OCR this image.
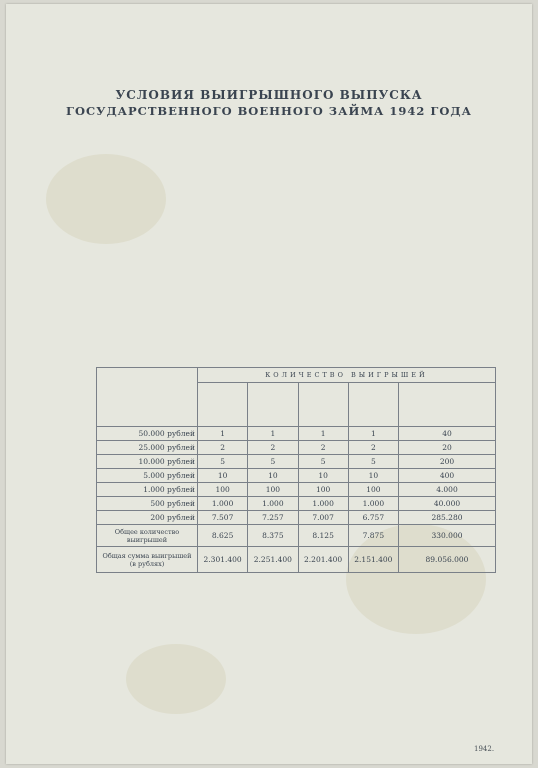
УСЛОВИЯ ВЫИГРЫШНОГО ВЫПУСКА
ГОСУДАРСТВЕННОГО ВОЕННОГО ЗАЙМА 1942 ГОДА
	КОЛИЧЕСТВО ВЫИГРЫШЕЙ				

50.000 рублей	1	1	1	1	40
25.000 рублей	2	2	2	2	20
10.000 рублей	5	5	5	5	200
5.000 рублей	10	10	10	10	400
1.000 рублей	100	100	100	100	4.000
500 рублей	1.000	1.000	1.000	1.000	40.000
200 рублей	7.507	7.257	7.007	6.757	285.280
Общее количество выигрышей	8.625	8.375	8.125	7.875	330.000
Общая сумма выигрышей (в рублях)	2.301.400	2.251.400	2.201.400	2.151.400	89.056.000
1942.
